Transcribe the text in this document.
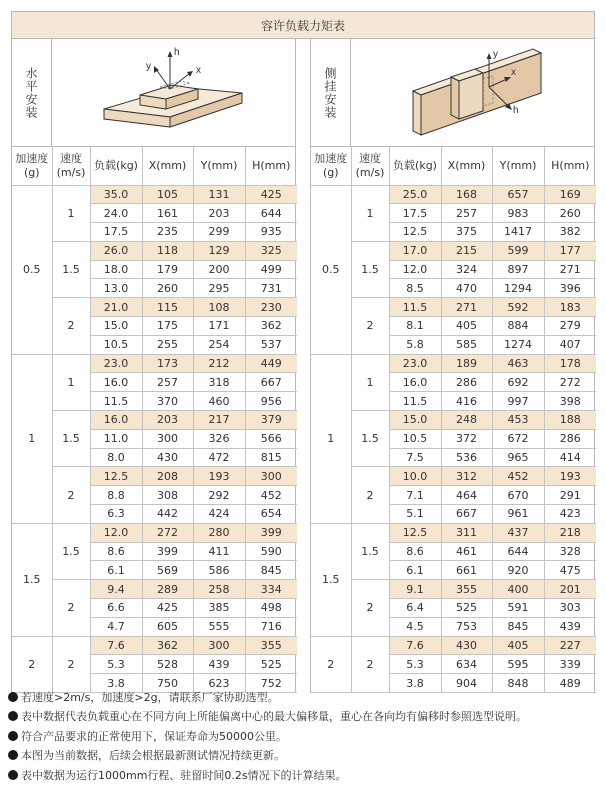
容许负载力矩表
水平安装
h
y	x
加速度
(g)	速度
(m/s)	负载(kg)	X(mm)	Y(mm)	H(mm)
0.5	1	35.0	105	131	425
		24.0	161	203	644
		17.5	235	299	935
	1.5	26.0	118	129	325
		18.0	179	200	499
		13.0	260	295	731
	2	21.0	115	108	230
		15.0	175	171	362
		10.5	255	254	537
1	1	23.0	173	212	449
		16.0	257	318	667
		11.5	370	460	956
	1.5	16.0	203	217	379
		11.0	300	326	566
		8.0	430	472	815
	2	12.5	208	193	300
		8.8	308	292	452
		6.3	442	424	654
1.5	1.5	12.0	272	280	399
		8.6	399	411	590
		6.1	569	586	845
	2	9.4	289	258	334
		6.6	425	385	498
		4.7	605	555	716
2	2	7.6	362	300	355
		5.3	528	439	525
		3.8	750	623	752
侧挂安装
y
x
h
加速度
(g)	速度
(m/s)	负载(kg)	X(mm)	Y(mm)	H(mm)
0.5	1	25.0	168	657	169
		17.5	257	983	260
		12.5	375	1417	382
	1.5	17.0	215	599	177
		12.0	324	897	271
		8.5	470	1294	396
	2	11.5	271	592	183
		8.1	405	884	279
		5.8	585	1274	407
1	1	23.0	189	463	178
		16.0	286	692	272
		11.5	416	997	398
	1.5	15.0	248	453	188
		10.5	372	672	286
		7.5	536	965	414
	2	10.0	312	452	193
		7.1	464	670	291
		5.1	667	961	423
1.5	1.5	12.5	311	437	218
		8.6	461	644	328
		6.1	661	920	475
	2	9.1	355	400	201
		6.4	525	591	303
		4.5	753	845	439
2	2	7.6	430	405	227
		5.3	634	595	339
		3.8	904	848	489
若速度>2m/s，加速度>2g，请联系厂家协助选型。
表中数据代表负载重心在不同方向上所能偏离中心的最大偏移量，重心在各向均有偏移时参照选型说明。
符合产品要求的正常使用下，保证寿命为50000公里。
本图为当前数据，后续会根据最新测试情况持续更新。
表中数据为运行1000mm行程、驻留时间0.2s情况下的计算结果。
